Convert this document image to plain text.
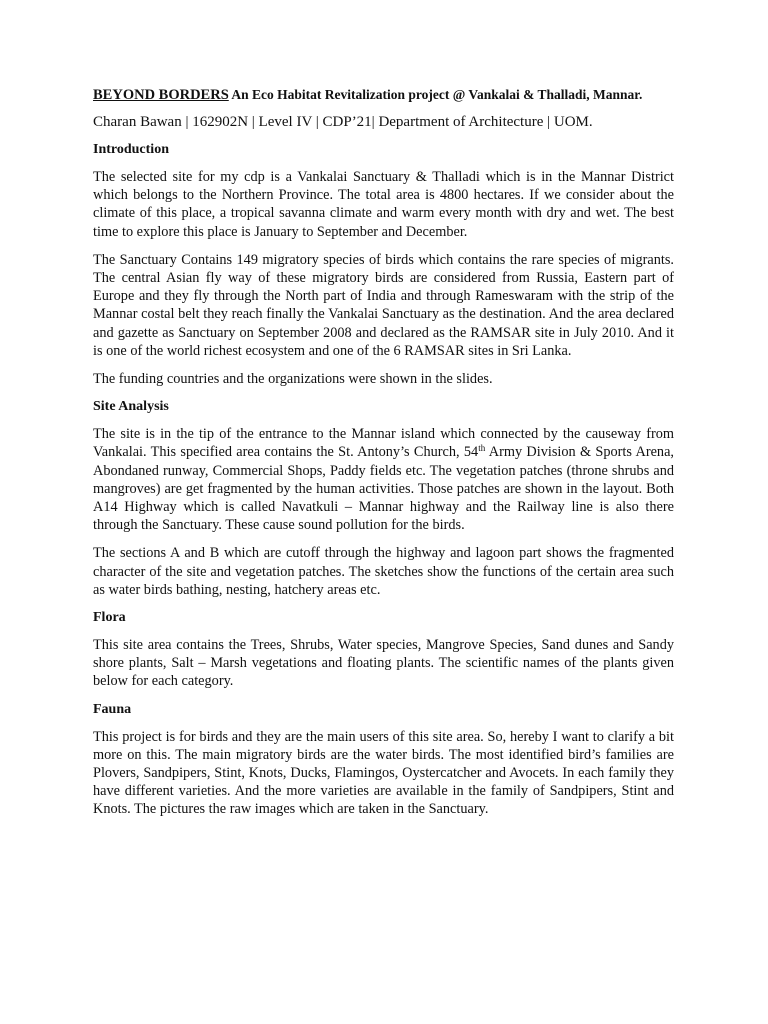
BEYOND BORDERS An Eco Habitat Revitalization project @ Vankalai & Thalladi, Mannar.
Charan Bawan | 162902N | Level IV | CDP’21| Department of Architecture | UOM.
Introduction

The selected site for my cdp is a Vankalai Sanctuary & Thalladi which is in the Mannar District which belongs to the Northern Province. The total area is 4800 hectares. If we consider about the climate of this place, a tropical savanna climate and warm every month with dry and wet. The best time to explore this place is January to September and December.

The Sanctuary Contains 149 migratory species of birds which contains the rare species of migrants. The central Asian fly way of these migratory birds are considered from Russia, Eastern part of Europe and they fly through the North part of India and through Rameswaram with the strip of the Mannar costal belt they reach finally the Vankalai Sanctuary as the destination. And the area declared and gazette as Sanctuary on September 2008 and declared as the RAMSAR site in July 2010. And it is one of the world richest ecosystem and one of the 6 RAMSAR sites in Sri Lanka.

The funding countries and the organizations were shown in the slides.

Site Analysis

The site is in the tip of the entrance to the Mannar island which connected by the causeway from Vankalai. This specified area contains the St. Antony’s Church, 54th Army Division & Sports Arena, Abondaned runway, Commercial Shops, Paddy fields etc. The vegetation patches (throne shrubs and mangroves) are get fragmented by the human activities. Those patches are shown in the layout. Both A14 Highway which is called Navatkuli – Mannar highway and the Railway line is also there through the Sanctuary. These cause sound pollution for the birds.

The sections A and B which are cutoff through the highway and lagoon part shows the fragmented character of the site and vegetation patches. The sketches show the functions of the certain area such as water birds bathing, nesting, hatchery areas etc.

Flora

This site area contains the Trees, Shrubs, Water species, Mangrove Species, Sand dunes and Sandy shore plants, Salt – Marsh vegetations and floating plants. The scientific names of the plants given below for each category.

Fauna

This project is for birds and they are the main users of this site area. So, hereby I want to clarify a bit more on this. The main migratory birds are the water birds. The most identified bird’s families are Plovers, Sandpipers, Stint, Knots, Ducks, Flamingos, Oystercatcher and Avocets. In each family they have different varieties. And the more varieties are available in the family of Sandpipers, Stint and Knots. The pictures the raw images which are taken in the Sanctuary.
